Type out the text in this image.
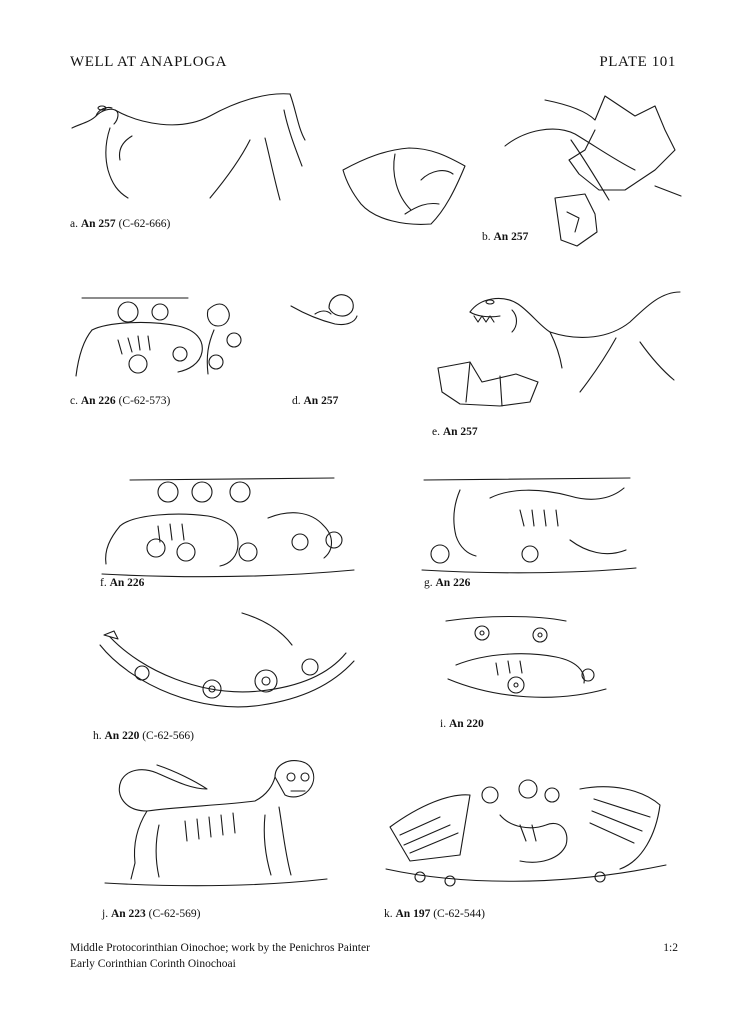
WELL AT ANAPLOGA	PLATE 101
a. An 257 (C-62-666)
b. An 257
c. An 226 (C-62-573)	d. An 257
e. An 257
f. An 226	g. An 226
h. An 220 (C-62-566)
i. An 220
j. An 223 (C-62-569)	k. An 197 (C-62-544)
Middle Protocorinthian Oinochoe; work by the Penichros Painter
Early Corinthian Corinth Oinochoai
1:2
